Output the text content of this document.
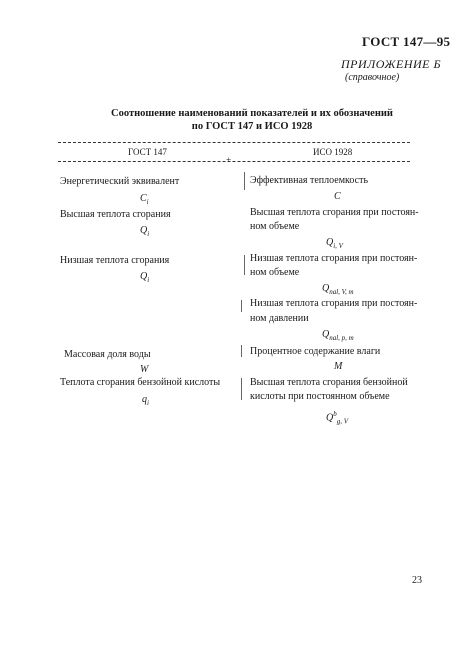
ГОСТ 147—95
ПРИЛОЖЕНИЕ Б
(справочное)
Соотношение наименований показателей и их обозначений
по ГОСТ 147 и ИСО 1928
ГОСТ 147	ИСО 1928
+
Энергетический эквивалент
$C_i$
Высшая теплота сгорания
$Q_i$
Низшая теплота сгорания
$Q_i$
Массовая доля воды
W
Теплота сгорания бензойной кислоты
$q_i$
Эффективная теплоемкость
C
Высшая теплота сгорания при постоян-
ном объеме
$Q_{i, V}$
Низшая теплота сгорания при постоян-
ном объеме
$Q_{nal, V, m}$
Низшая теплота сгорания при постоян-
ном давлении
$Q_{nal, p, m}$
Процентное содержание влаги
M
Высшая теплота сгорания бензойной
кислоты при постоянном объеме
$Q^b_{g, V}$
23
